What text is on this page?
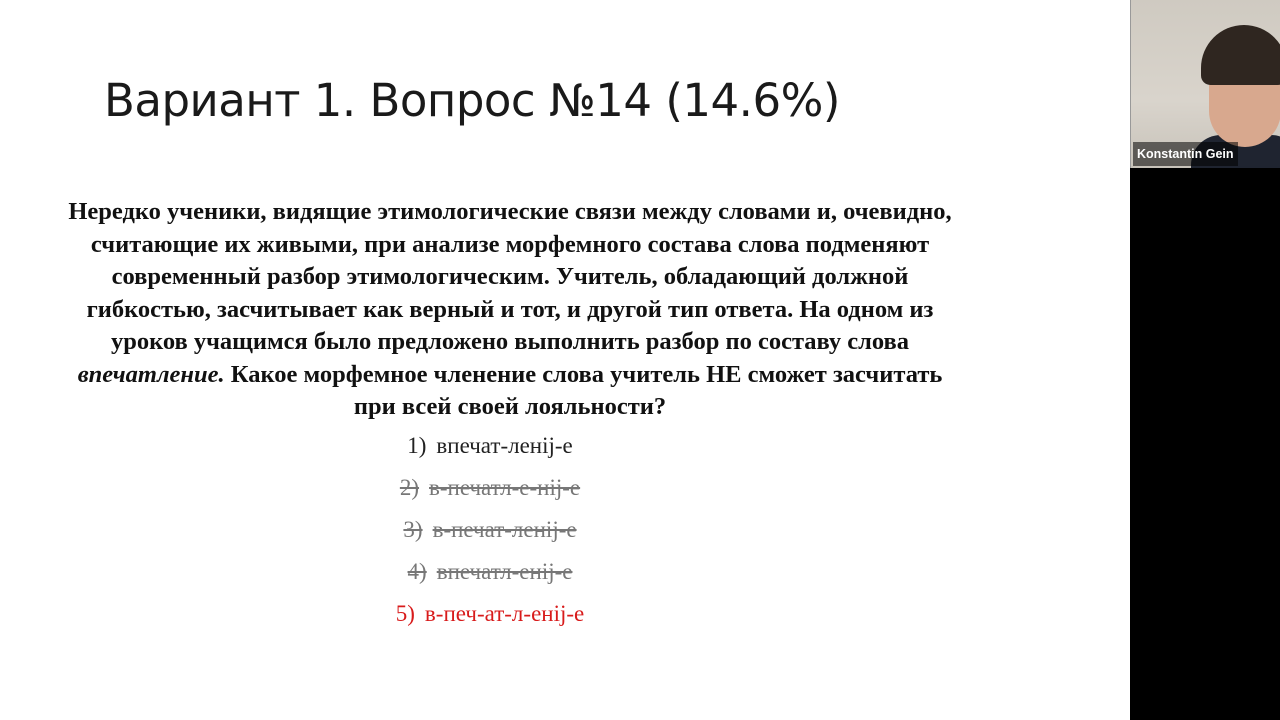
Вариант 1. Вопрос №14 (14.6%)
Нередко ученики, видящие этимологические связи между словами и, очевидно,
считающие их живыми, при анализе морфемного состава слова подменяют
современный разбор этимологическим. Учитель, обладающий должной
гибкостью, засчитывает как верный и тот, и другой тип ответа. На одном из
уроков учащимся было предложено выполнить разбор по составу слова
впечатление. Какое морфемное членение слова учитель НЕ сможет засчитать
при всей своей лояльности?
1) впечат-ленij-е
2) в-печатл-е-нij-е
3) в-печат-ленij-е
4) впечатл-енij-е
5) в-печ-ат-л-енij-е
Konstantin Gein
